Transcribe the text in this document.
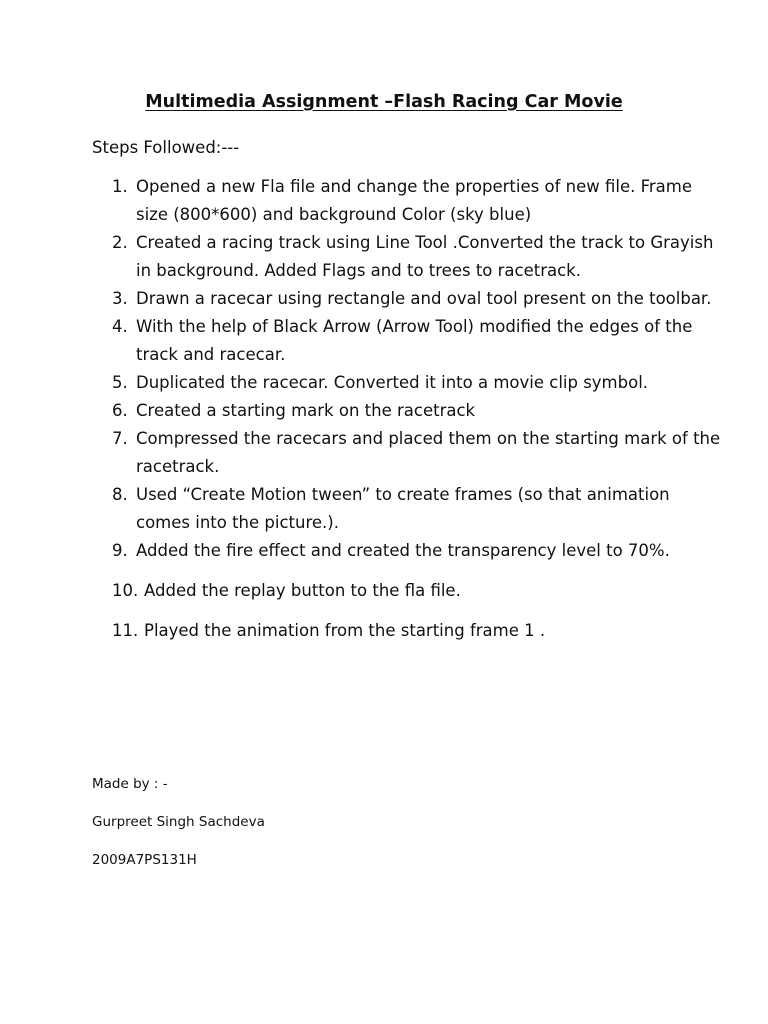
Multimedia Assignment –Flash Racing Car Movie
Steps Followed:---
1. Opened a new Fla file and change the properties of new file. Frame size (800*600) and background Color (sky blue)
2. Created a racing track using Line Tool .Converted the track to Grayish in background. Added Flags and to trees to racetrack.
3. Drawn a racecar using rectangle and oval tool present on the toolbar.
4. With the help of Black Arrow (Arrow Tool) modified the edges of the track and racecar.
5. Duplicated the racecar. Converted it into a movie clip symbol.
6. Created a starting mark on the racetrack
7. Compressed the racecars and placed them on the starting mark of the racetrack.
8. Used “Create Motion tween” to create frames (so that animation comes into the picture.).
9. Added the fire effect and created the transparency level to 70%.
10. Added the replay button to the fla file.
11. Played the animation from the starting frame 1 .
Made by : -
Gurpreet Singh Sachdeva
2009A7PS131H
